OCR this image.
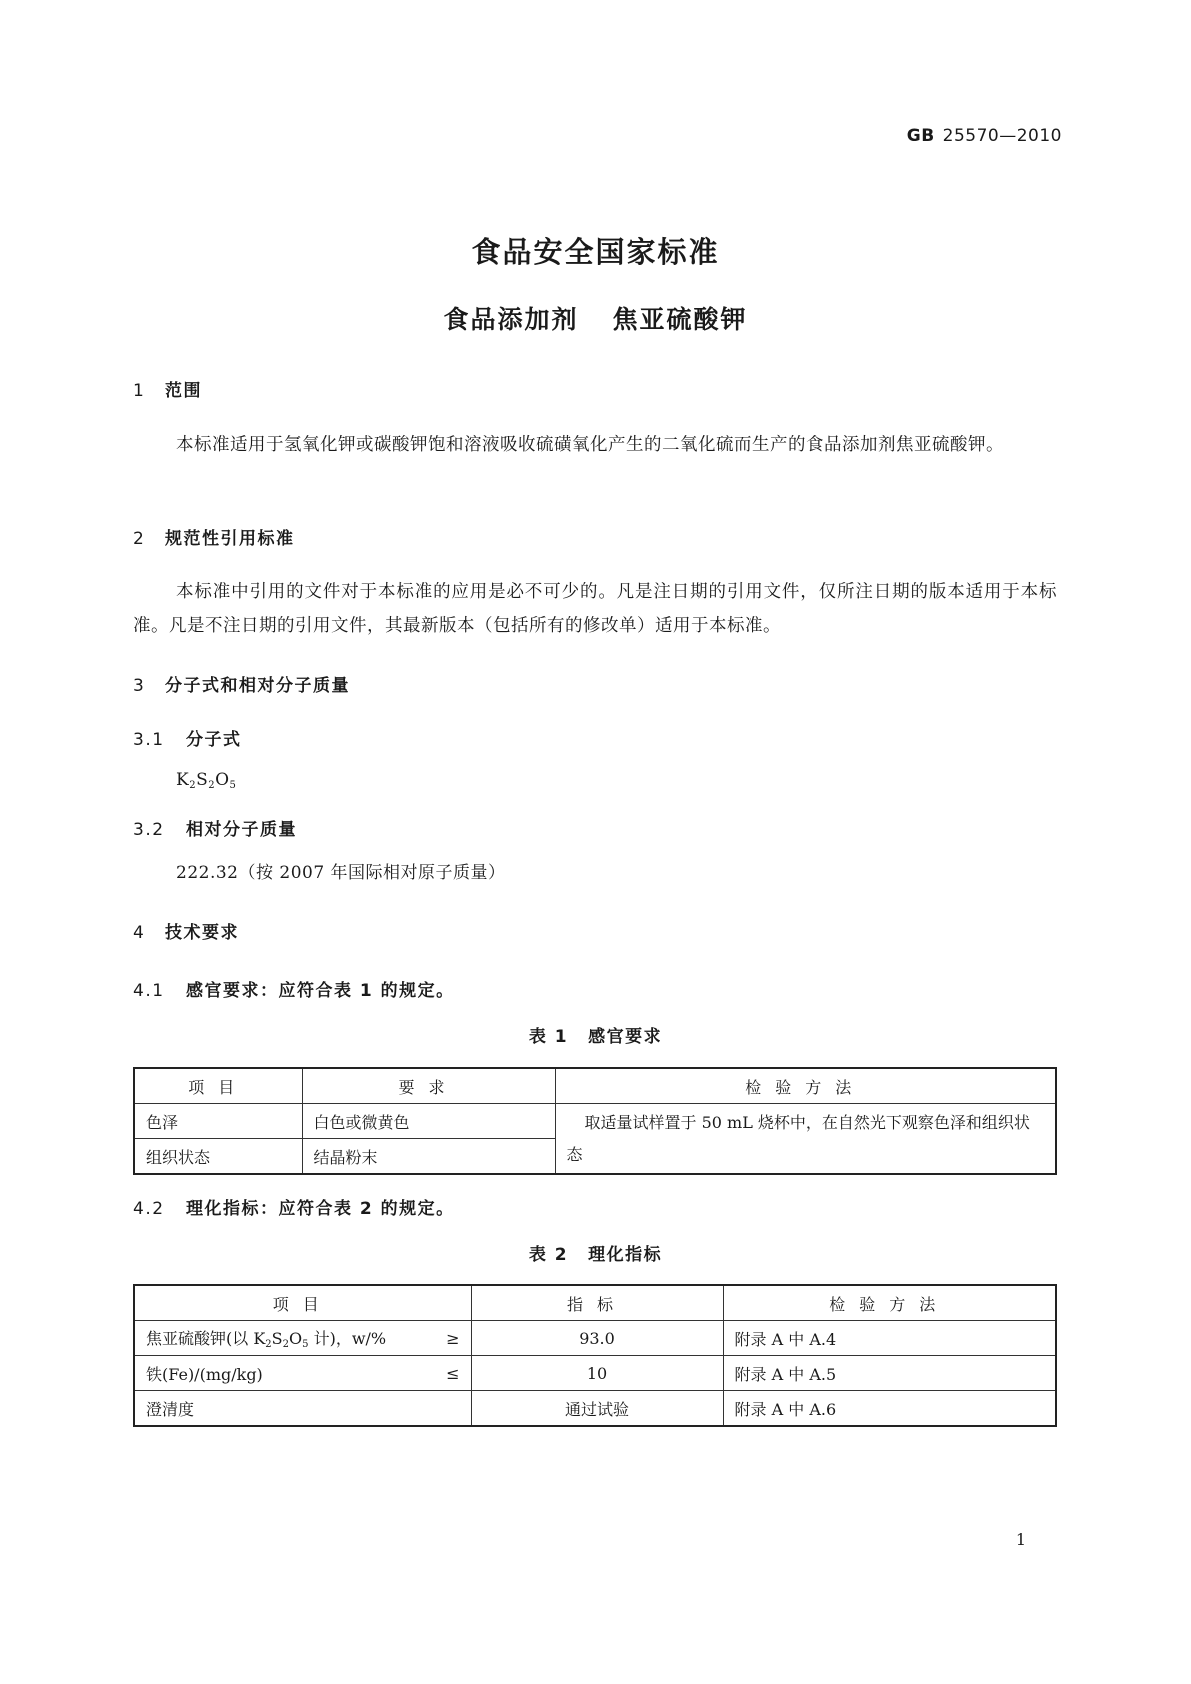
GB 25570—2010
食品安全国家标准
食品添加剂 焦亚硫酸钾
1 范围
本标准适用于氢氧化钾或碳酸钾饱和溶液吸收硫磺氧化产生的二氧化硫而生产的食品添加剂焦亚硫酸钾。
2 规范性引用标准
本标准中引用的文件对于本标准的应用是必不可少的。凡是注日期的引用文件，仅所注日期的版本适用于本标准。凡是不注日期的引用文件，其最新版本（包括所有的修改单）适用于本标准。
3 分子式和相对分子质量
3.1 分子式
$K_2S_2O_5$
3.2 相对分子质量
222.32（按 2007 年国际相对原子质量）
4 技术要求
4.1 感官要求：应符合表 1 的规定。
表 1 感官要求
项目	要求	检验方法
色泽	白色或微黄色	取适量试样置于 50 mL 烧杯中，在自然光下观察色泽和组织状态
组织状态	结晶粉末	
4.2 理化指标：应符合表 2 的规定。
表 2 理化指标
项目	指标	检验方法

焦亚硫酸钾(以 $K_2S_2O_5$ 计)，w/% ≥	93.0	附录 A 中 A.4

铁(Fe)/(mg/kg) ≤	10	附录 A 中 A.5
澄清度	通过试验	附录 A 中 A.6
1
